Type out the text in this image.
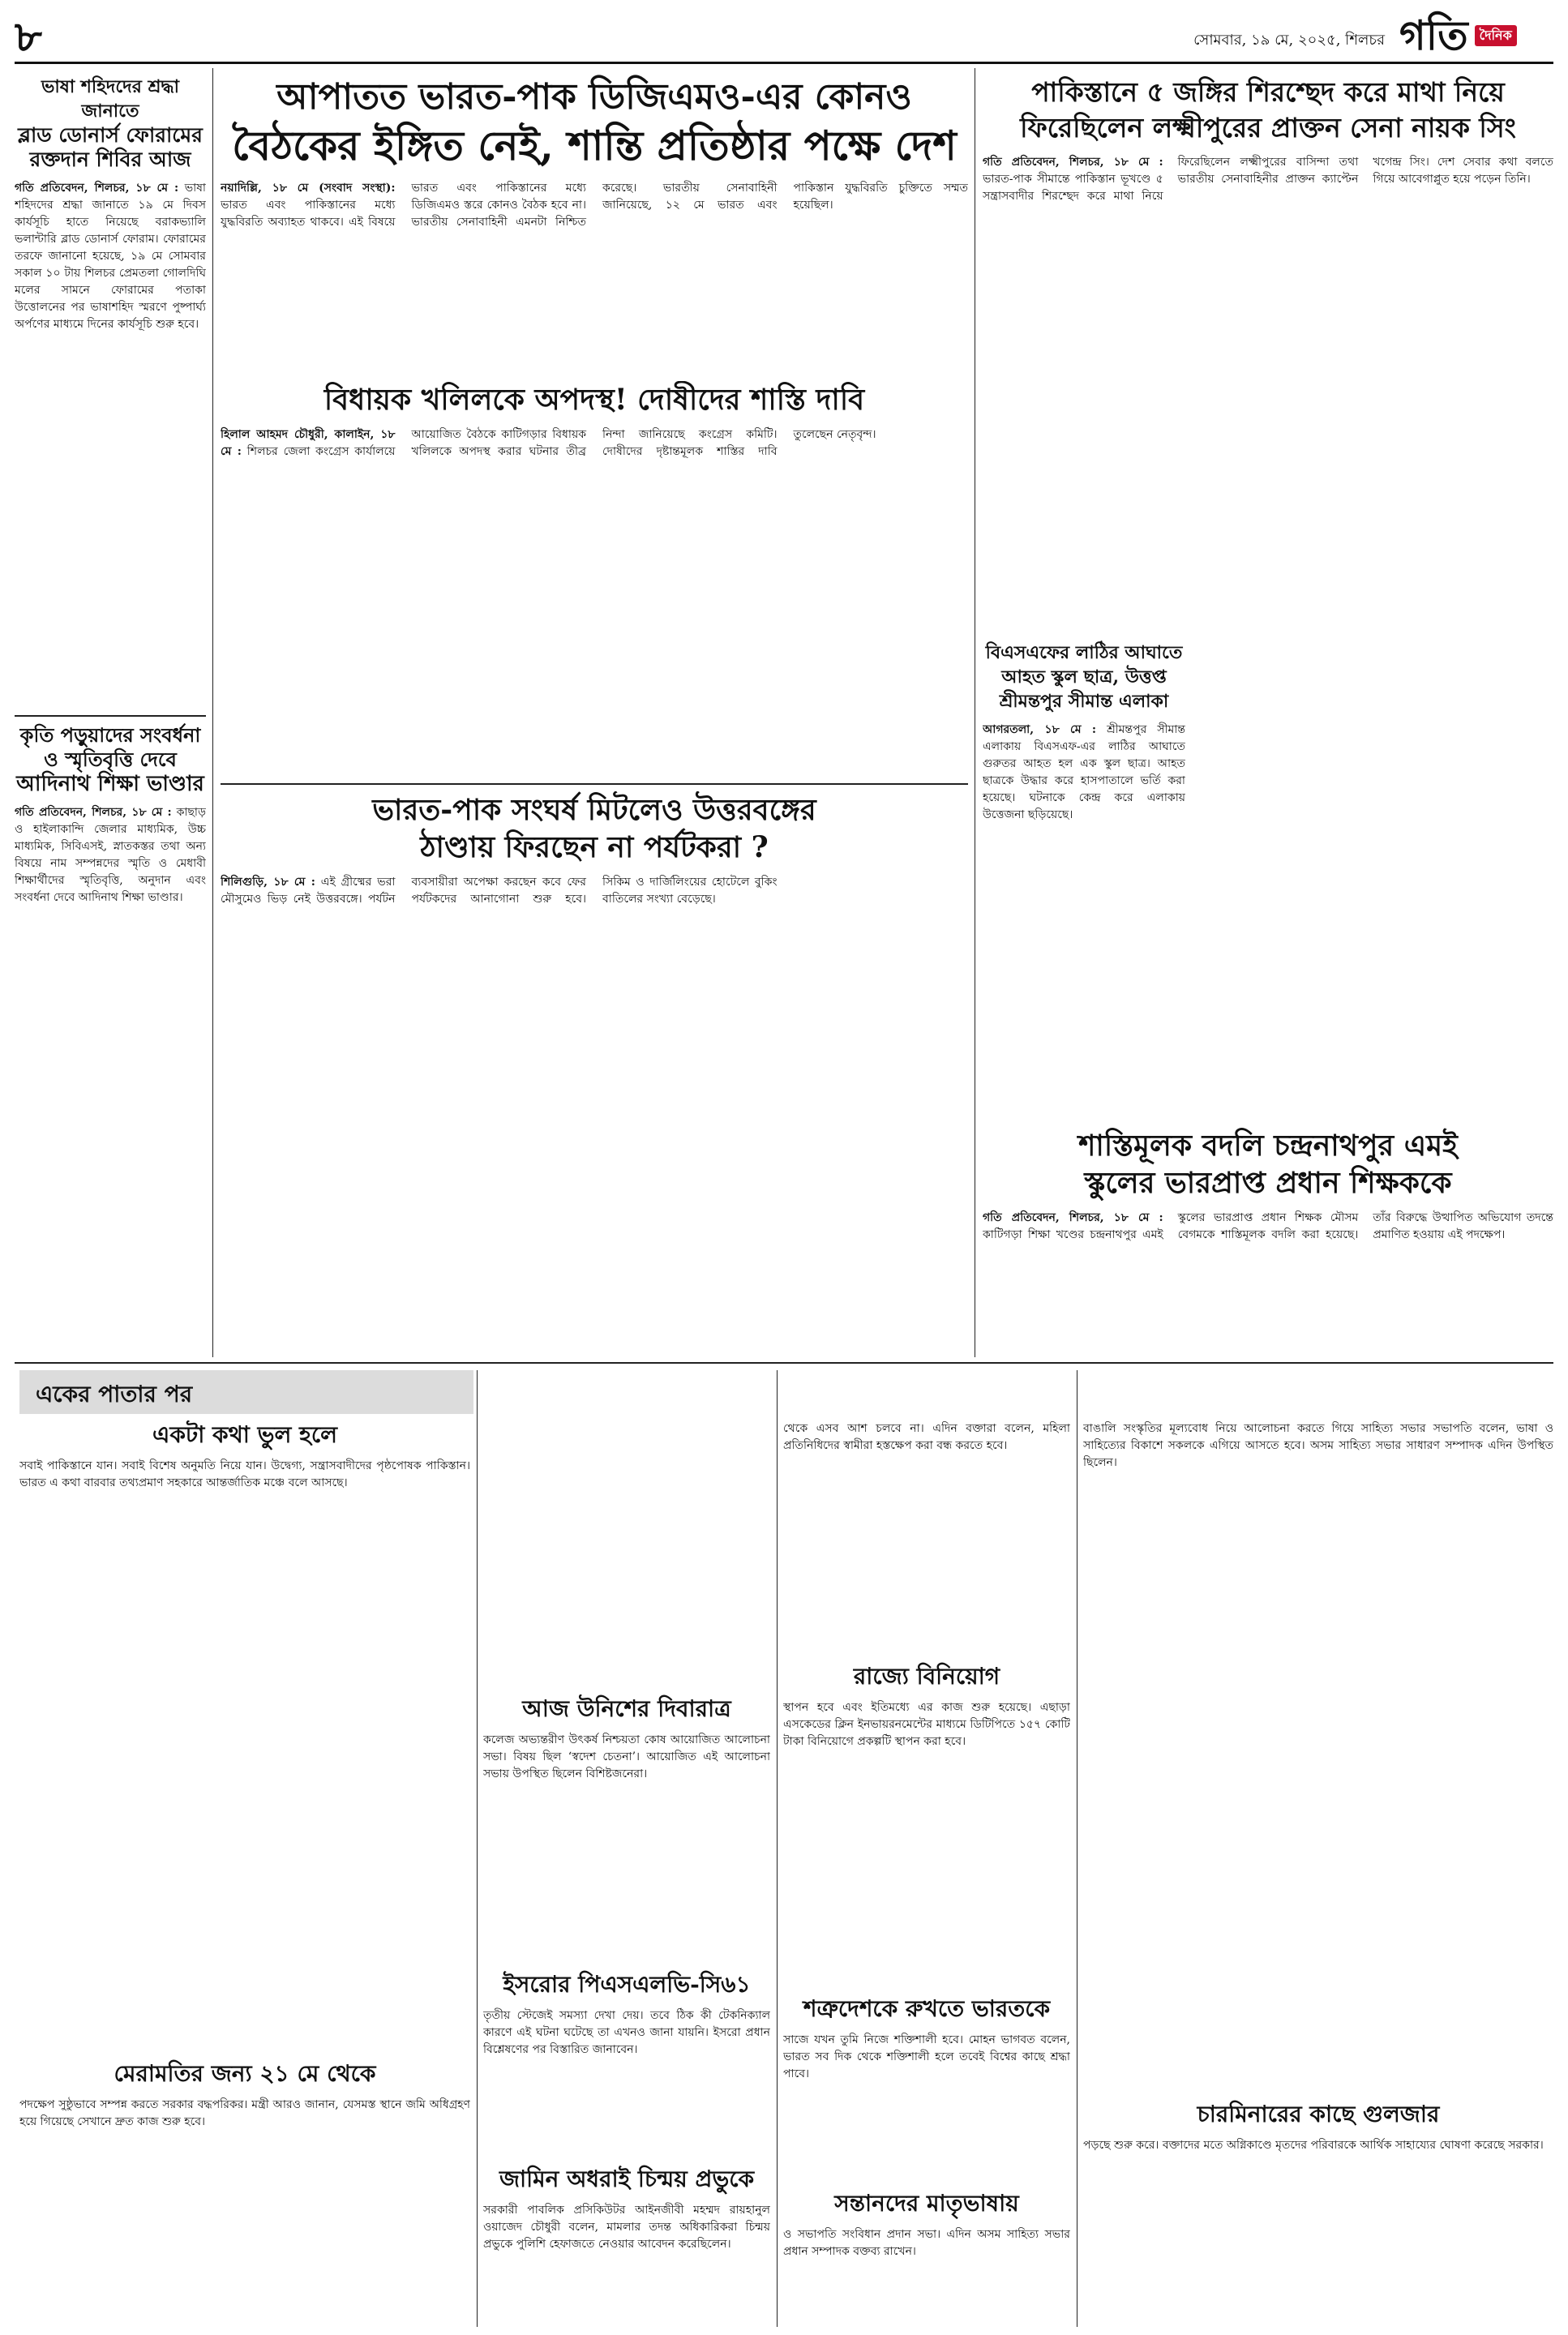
৮	সোমবার, ১৯ মে, ২০২৫, শিলচর গতি দৈনিক
ভাষা শহিদদের শ্রদ্ধা জানাতে
ব্লাড ডোনার্স ফোরামের রক্তদান শিবির আজ
গতি প্রতিবেদন, শিলচর, ১৮ মে : ভাষা শহিদদের শ্রদ্ধা জানাতে ১৯ মে দিবস কার্যসূচি হাতে নিয়েছে বরাকভ্যালি ভলান্টারি ব্লাড ডোনার্স ফোরাম। ফোরামের তরফে জানানো হয়েছে, ১৯ মে সোমবার সকাল ১০ টায় শিলচর প্রেমতলা গোলদিঘি মলের সামনে ফোরামের পতাকা উত্তোলনের পর ভাষাশহিদ স্মরণে পুষ্পার্ঘ্য অর্পণের মাধ্যমে দিনের কার্যসূচি শুরু হবে।
কৃতি পড়ুয়াদের সংবর্ধনা
ও স্মৃতিবৃত্তি দেবে
আদিনাথ শিক্ষা ভাণ্ডার
গতি প্রতিবেদন, শিলচর, ১৮ মে : কাছাড় ও হাইলাকান্দি জেলার মাধ্যমিক, উচ্চ মাধ্যমিক, সিবিএসই, স্নাতকস্তর তথা অন্য বিষয়ে নাম সম্পন্নদের স্মৃতি ও মেধাবী শিক্ষার্থীদের স্মৃতিবৃত্তি, অনুদান এবং সংবর্ধনা দেবে আদিনাথ শিক্ষা ভাণ্ডার।
আপাতত ভারত-পাক ডিজিএমও-এর কোনও
বৈঠকের ইঙ্গিত নেই, শান্তি প্রতিষ্ঠার পক্ষে দেশ
নয়াদিল্লি, ১৮ মে (সংবাদ সংস্থা): ভারত এবং পাকিস্তানের মধ্যে যুদ্ধবিরতি অব্যাহত থাকবে। এই বিষয়ে ভারত এবং পাকিস্তানের মধ্যে ডিজিএমও স্তরে কোনও বৈঠক হবে না। ভারতীয় সেনাবাহিনী এমনটা নিশ্চিত করেছে। ভারতীয় সেনাবাহিনী জানিয়েছে, ১২ মে ভারত এবং পাকিস্তান যুদ্ধবিরতি চুক্তিতে সম্মত হয়েছিল।
বিধায়ক খলিলকে অপদস্থ! দোষীদের শাস্তি দাবি
হিলাল আহমদ চৌধুরী, কালাইন, ১৮ মে : শিলচর জেলা কংগ্রেস কার্যালয়ে আয়োজিত বৈঠকে কাটিগড়ার বিধায়ক খলিলকে অপদস্থ করার ঘটনার তীব্র নিন্দা জানিয়েছে কংগ্রেস কমিটি। দোষীদের দৃষ্টান্তমূলক শাস্তির দাবি তুলেছেন নেতৃবৃন্দ।
ভারত-পাক সংঘর্ষ মিটলেও উত্তরবঙ্গের
ঠাণ্ডায় ফিরছেন না পর্যটকরা ?
শিলিগুড়ি, ১৮ মে : এই গ্রীষ্মের ভরা মৌসুমেও ভিড় নেই উত্তরবঙ্গে। পর্যটন ব্যবসায়ীরা অপেক্ষা করছেন কবে ফের পর্যটকদের আনাগোনা শুরু হবে। সিকিম ও দার্জিলিংয়ের হোটেলে বুকিং বাতিলের সংখ্যা বেড়েছে।
পাকিস্তানে ৫ জঙ্গির শিরশ্ছেদ করে মাথা নিয়ে
ফিরেছিলেন লক্ষ্মীপুরের প্রাক্তন সেনা নায়ক সিং
গতি প্রতিবেদন, শিলচর, ১৮ মে : ভারত-পাক সীমান্তে পাকিস্তান ভূখণ্ডে ৫ সন্ত্রাসবাদীর শিরশ্ছেদ করে মাথা নিয়ে ফিরেছিলেন লক্ষ্মীপুরের বাসিন্দা তথা ভারতীয় সেনাবাহিনীর প্রাক্তন ক্যাপ্টেন খগেন্দ্র সিং। দেশ সেবার কথা বলতে গিয়ে আবেগাপ্লুত হয়ে পড়েন তিনি।
বিএসএফের লাঠির আঘাতে
আহত স্কুল ছাত্র, উত্তপ্ত
শ্রীমন্তপুর সীমান্ত এলাকা
আগরতলা, ১৮ মে : শ্রীমন্তপুর সীমান্ত এলাকায় বিএসএফ-এর লাঠির আঘাতে গুরুতর আহত হল এক স্কুল ছাত্র। আহত ছাত্রকে উদ্ধার করে হাসপাতালে ভর্তি করা হয়েছে। ঘটনাকে কেন্দ্র করে এলাকায় উত্তেজনা ছড়িয়েছে।
শাস্তিমূলক বদলি চন্দ্রনাথপুর এমই
স্কুলের ভারপ্রাপ্ত প্রধান শিক্ষককে
গতি প্রতিবেদন, শিলচর, ১৮ মে : কাটিগড়া শিক্ষা খণ্ডের চন্দ্রনাথপুর এমই স্কুলের ভারপ্রাপ্ত প্রধান শিক্ষক মৌসম বেগমকে শাস্তিমূলক বদলি করা হয়েছে। তাঁর বিরুদ্ধে উত্থাপিত অভিযোগ তদন্তে প্রমাণিত হওয়ায় এই পদক্ষেপ।
একের পাতার পর
একটা কথা ভুল হলে
সবাই পাকিস্তানে যান। সবাই বিশেষ অনুমতি নিয়ে যান। উদ্বেগ্য, সন্ত্রাসবাদীদের পৃষ্ঠপোষক পাকিস্তান। ভারত এ কথা বারবার তথ্যপ্রমাণ সহকারে আন্তর্জাতিক মঞ্চে বলে আসছে।
মেরামতির জন্য ২১ মে থেকে
পদক্ষেপ সুষ্ঠুভাবে সম্পন্ন করতে সরকার বদ্ধপরিকর। মন্ত্রী আরও জানান, যেসমস্ত স্থানে জমি অধিগ্রহণ হয়ে গিয়েছে সেখানে দ্রুত কাজ শুরু হবে।
আজ উনিশের দিবারাত্র
কলেজ অভ্যন্তরীণ উৎকর্ষ নিশ্চয়তা কোষ আয়োজিত আলোচনা সভা। বিষয় ছিল ‘স্বদেশ চেতনা’। আয়োজিত এই আলোচনা সভায় উপস্থিত ছিলেন বিশিষ্টজনেরা।
ইসরোর পিএসএলভি-সি৬১
তৃতীয় স্টেজেই সমস্যা দেখা দেয়। তবে ঠিক কী টেকনিক্যাল কারণে এই ঘটনা ঘটেছে তা এখনও জানা যায়নি। ইসরো প্রধান বিশ্লেষণের পর বিস্তারিত জানাবেন।
জামিন অধরাই চিন্ময় প্রভুকে
সরকারী পাবলিক প্রসিকিউটর আইনজীবী মহম্মদ রায়হানুল ওয়াজেদ চৌধুরী বলেন, মামলার তদন্ত অধিকারিকরা চিন্ময় প্রভুকে পুলিশি হেফাজতে নেওয়ার আবেদন করেছিলেন।
থেকে এসব আশ চলবে না। এদিন বক্তারা বলেন, মহিলা প্রতিনিধিদের স্বামীরা হস্তক্ষেপ করা বন্ধ করতে হবে।
রাজ্যে বিনিয়োগ
স্থাপন হবে এবং ইতিমধ্যে এর কাজ শুরু হয়েছে। এছাড়া এসকেডের ক্লিন ইনভায়রনমেন্টের মাধ্যমে ডিটিপিতে ১৫৭ কোটি টাকা বিনিয়োগে প্রকল্পটি স্থাপন করা হবে।
শত্রুদেশকে রুখতে ভারতকে
সাজে যখন তুমি নিজে শক্তিশালী হবে। মোহন ভাগবত বলেন, ভারত সব দিক থেকে শক্তিশালী হলে তবেই বিশ্বের কাছে শ্রদ্ধা পাবে।
সন্তানদের মাতৃভাষায়
ও সভাপতি সংবিধান প্রদান সভা। এদিন অসম সাহিত্য সভার প্রধান সম্পাদক বক্তব্য রাখেন।
বাঙালি সংস্কৃতির মূল্যবোধ নিয়ে আলোচনা করতে গিয়ে সাহিত্য সভার সভাপতি বলেন, ভাষা ও সাহিত্যের বিকাশে সকলকে এগিয়ে আসতে হবে। অসম সাহিত্য সভার সাধারণ সম্পাদক এদিন উপস্থিত ছিলেন।
চারমিনারের কাছে গুলজার
পড়ছে শুরু করে। বক্তাদের মতে অগ্নিকাণ্ডে মৃতদের পরিবারকে আর্থিক সাহায্যের ঘোষণা করেছে সরকার।
